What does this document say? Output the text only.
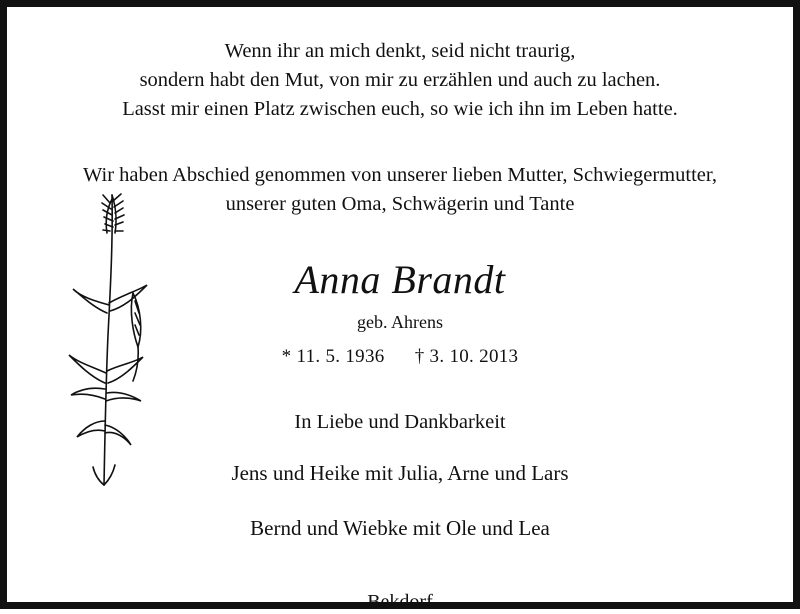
Wenn ihr an mich denkt, seid nicht traurig,
sondern habt den Mut, von mir zu erzählen und auch zu lachen.
Lasst mir einen Platz zwischen euch, so wie ich ihn im Leben hatte.
Wir haben Abschied genommen von unserer lieben Mutter, Schwiegermutter,
unserer guten Oma, Schwägerin und Tante
Anna Brandt
geb. Ahrens
* 11. 5. 1936 † 3. 10. 2013
In Liebe und Dankbarkeit
Jens und Heike mit Julia, Arne und Lars
Bernd und Wiebke mit Ole und Lea
Bekdorf
